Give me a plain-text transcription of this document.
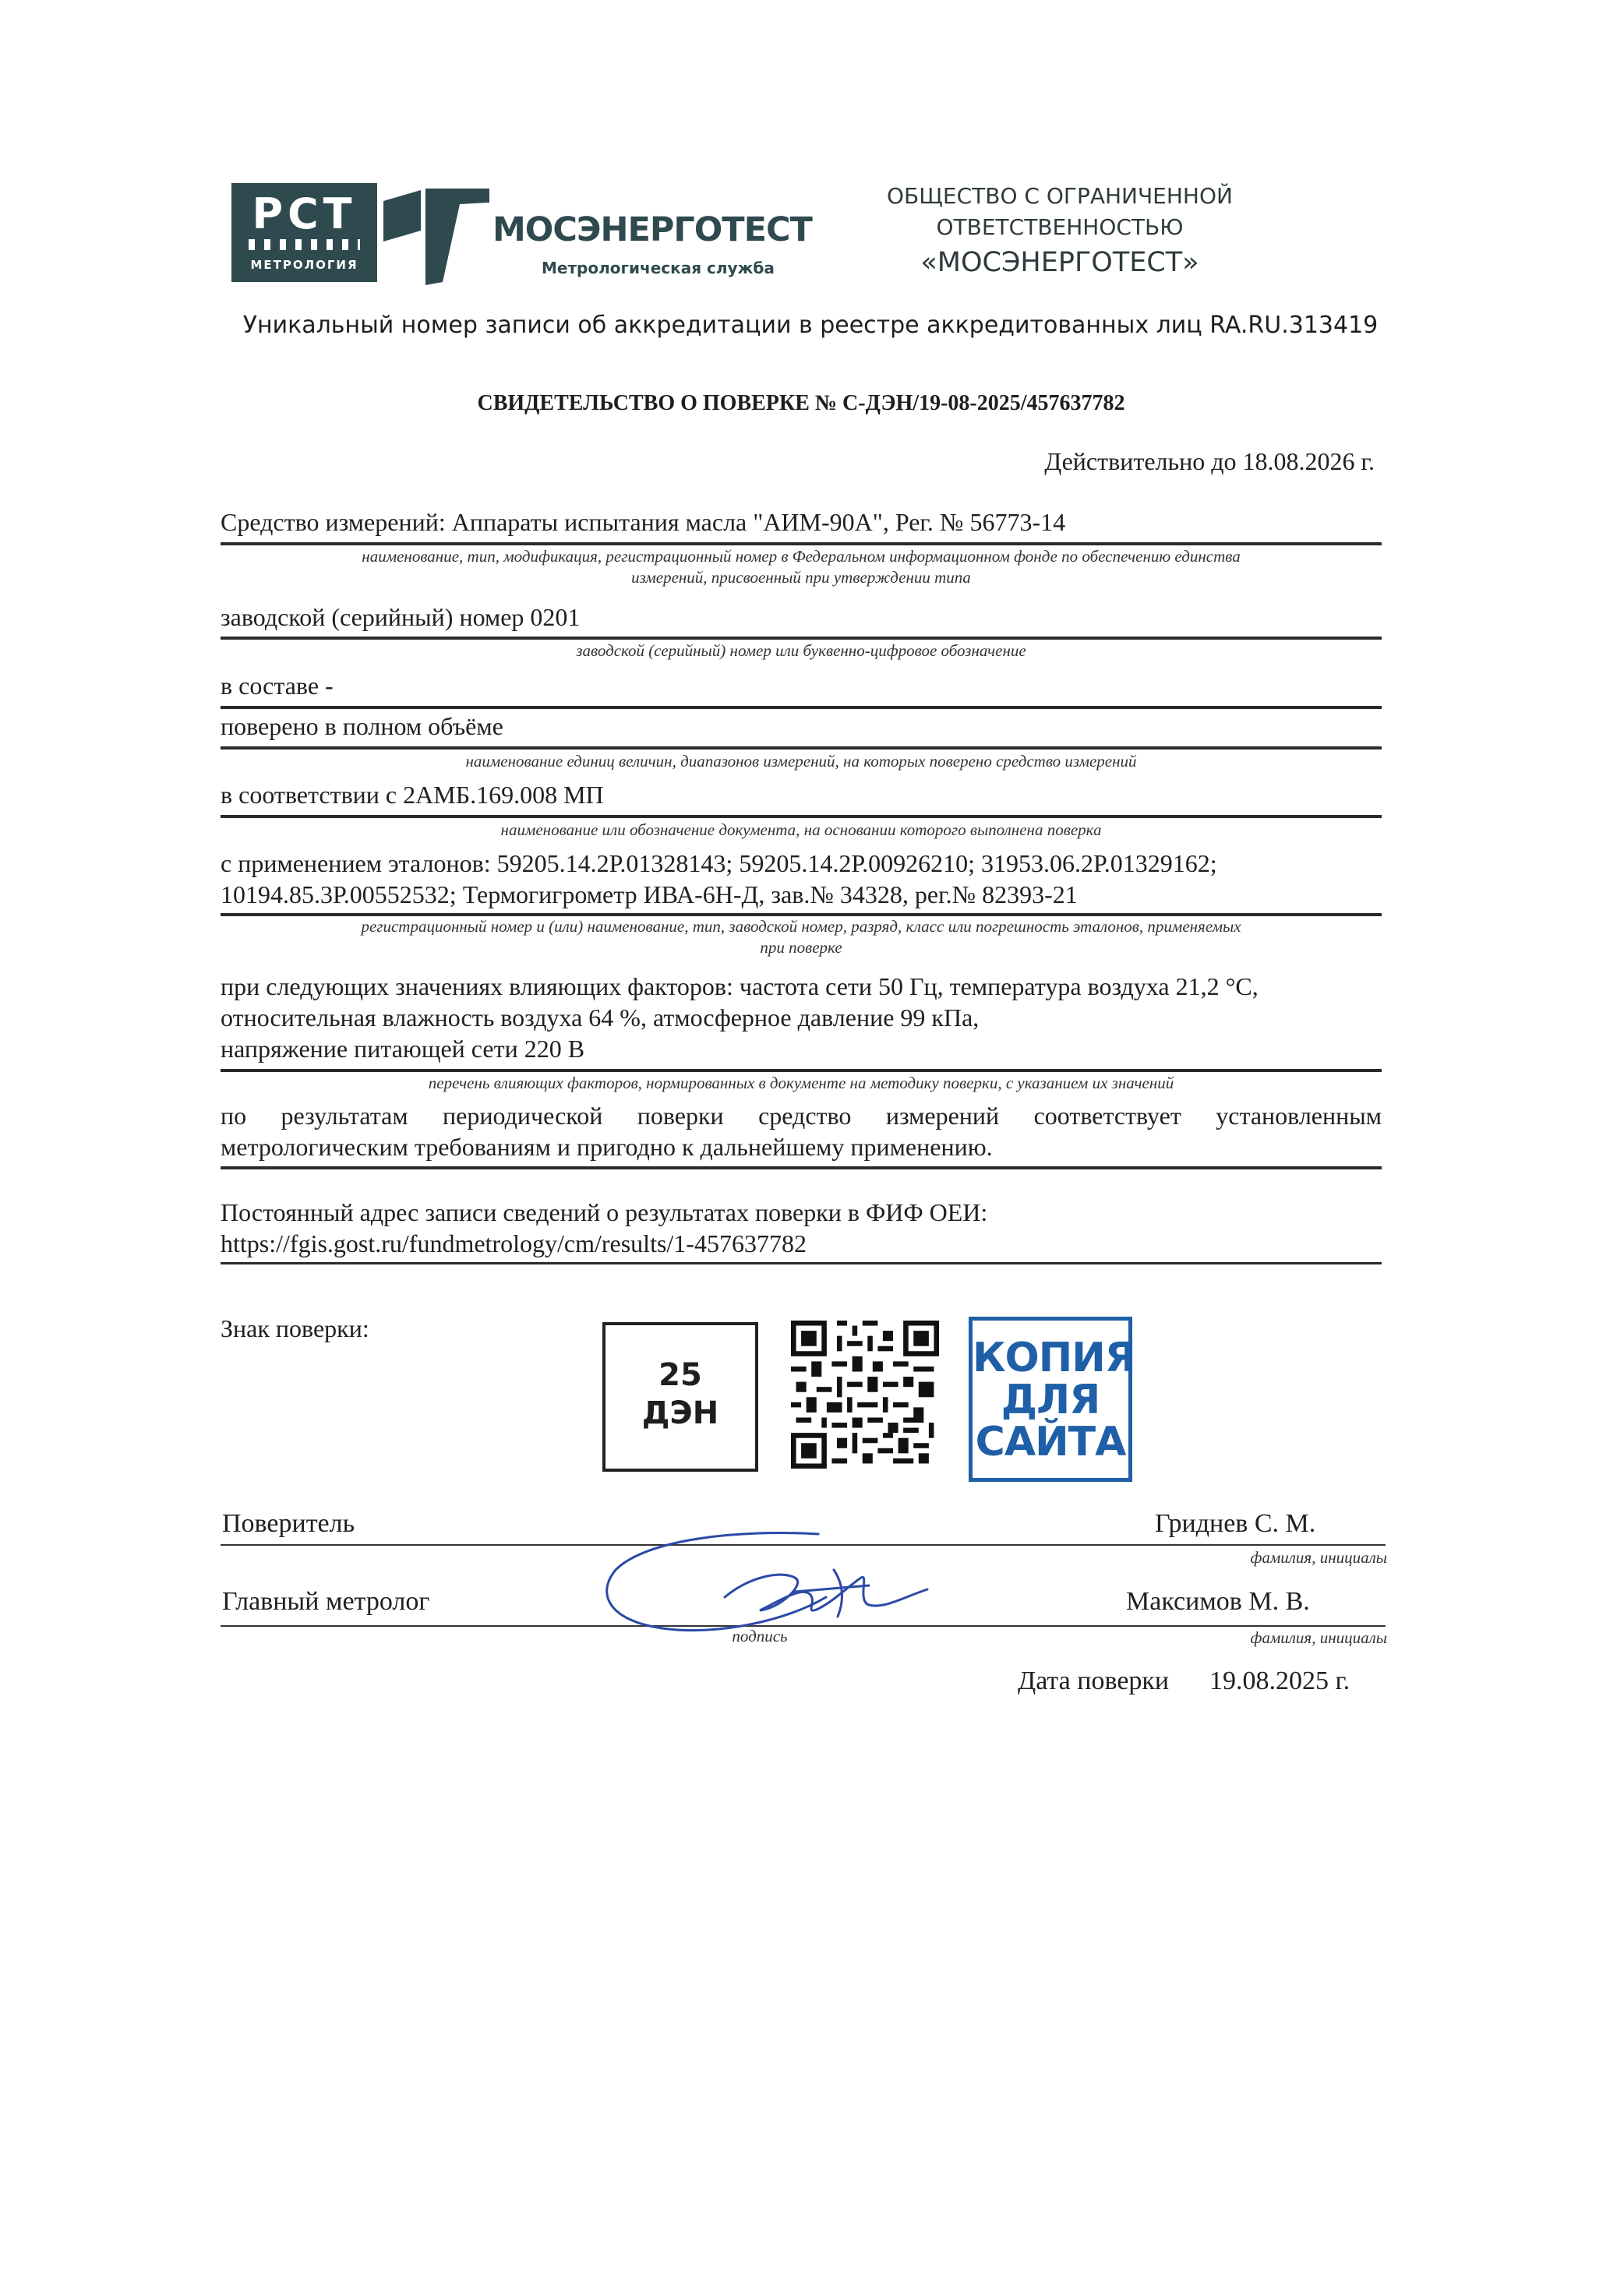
РСТ
МЕТРОЛОГИЯ
МОСЭНЕРГОТЕСТ
Метрологическая служба
ОБЩЕСТВО С ОГРАНИЧЕННОЙ
ОТВЕТСТВЕННОСТЬЮ
«МОСЭНЕРГОТЕСТ»
Уникальный номер записи об аккредитации в реестре аккредитованных лиц RA.RU.313419
СВИДЕТЕЛЬСТВО О ПОВЕРКЕ № С-ДЭН/19-08-2025/457637782
Действительно до 18.08.2026 г.
Средство измерений: Аппараты испытания масла "АИМ-90А", Рег. № 56773-14
наименование, тип, модификация, регистрационный номер в Федеральном информационном фонде по обеспечению единства
измерений, присвоенный при утверждении типа
заводской (серийный) номер 0201
заводской (серийный) номер или буквенно-цифровое обозначение
в составе -
поверено в полном объёме
наименование единиц величин, диапазонов измерений, на которых поверено средство измерений
в соответствии с 2АМБ.169.008 МП
наименование или обозначение документа, на основании которого выполнена поверка
с применением эталонов: 59205.14.2Р.01328143; 59205.14.2Р.00926210; 31953.06.2Р.01329162;
10194.85.3Р.00552532; Термогигрометр ИВА-6Н-Д, зав.№ 34328, рег.№ 82393-21
регистрационный номер и (или) наименование, тип, заводской номер, разряд, класс или погрешность эталонов, применяемых
при поверке
при следующих значениях влияющих факторов: частота сети 50 Гц, температура воздуха 21,2 °С,
относительная влажность воздуха 64 %, атмосферное давление 99 кПа,
напряжение питающей сети 220 В
перечень влияющих факторов, нормированных в документе на методику поверки, с указанием их значений
по результатам периодической поверки средство измерений соответствует установленным
метрологическим требованиям и пригодно к дальнейшему применению.
Постоянный адрес записи сведений о результатах поверки в ФИФ ОЕИ:
https://fgis.gost.ru/fundmetrology/cm/results/1-457637782
Знак поверки:
25
ДЭН
КОПИЯ
ДЛЯ
САЙТА
Поверитель	Гриднев С. М.
фамилия, инициалы
Главный метролог	Максимов М. В.
подпись	фамилия, инициалы
Дата поверки 19.08.2025 г.
